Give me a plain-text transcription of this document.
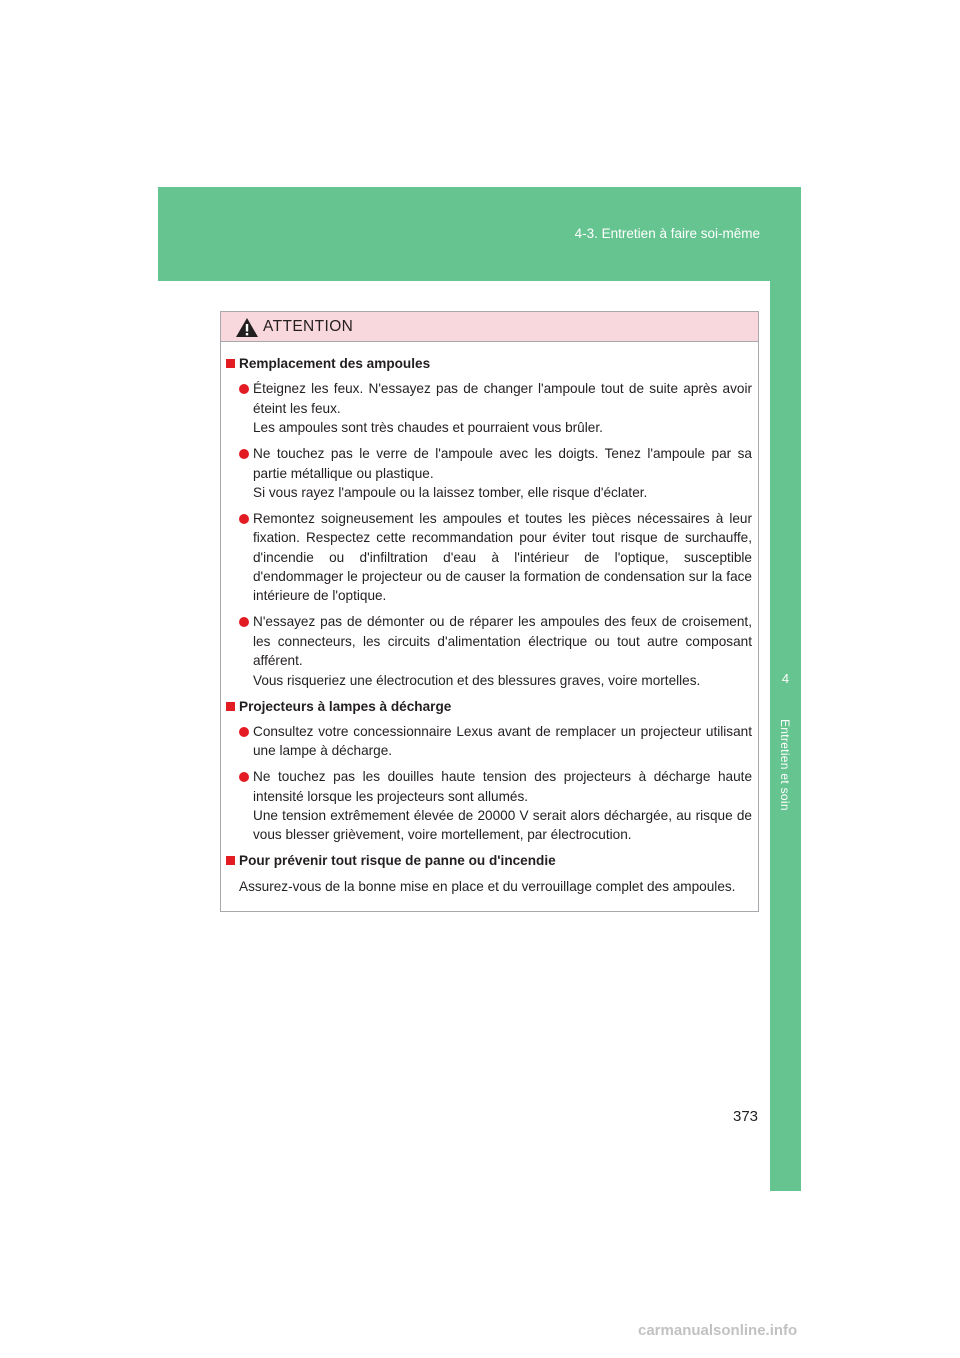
4-3. Entretien à faire soi-même
4
Entretien et soin
ATTENTION
Remplacement des ampoules
Éteignez les feux. N'essayez pas de changer l'ampoule tout de suite après avoir éteint les feux.
Les ampoules sont très chaudes et pourraient vous brûler.
Ne touchez pas le verre de l'ampoule avec les doigts. Tenez l'ampoule par sa partie métallique ou plastique.
Si vous rayez l'ampoule ou la laissez tomber, elle risque d'éclater.
Remontez soigneusement les ampoules et toutes les pièces nécessaires à leur fixation. Respectez cette recommandation pour éviter tout risque de surchauffe, d'incendie ou d'infiltration d'eau à l'intérieur de l'optique, susceptible d'endommager le projecteur ou de causer la formation de condensation sur la face intérieure de l'optique.
N'essayez pas de démonter ou de réparer les ampoules des feux de croisement, les connecteurs, les circuits d'alimentation électrique ou tout autre composant afférent.
Vous risqueriez une électrocution et des blessures graves, voire mortelles.
Projecteurs à lampes à décharge
Consultez votre concessionnaire Lexus avant de remplacer un projecteur utilisant une lampe à décharge.
Ne touchez pas les douilles haute tension des projecteurs à décharge haute intensité lorsque les projecteurs sont allumés.
Une tension extrêmement élevée de 20000 V serait alors déchargée, au risque de vous blesser grièvement, voire mortellement, par électrocution.
Pour prévenir tout risque de panne ou d'incendie
Assurez-vous de la bonne mise en place et du verrouillage complet des ampoules.
373
carmanualsonline.info
